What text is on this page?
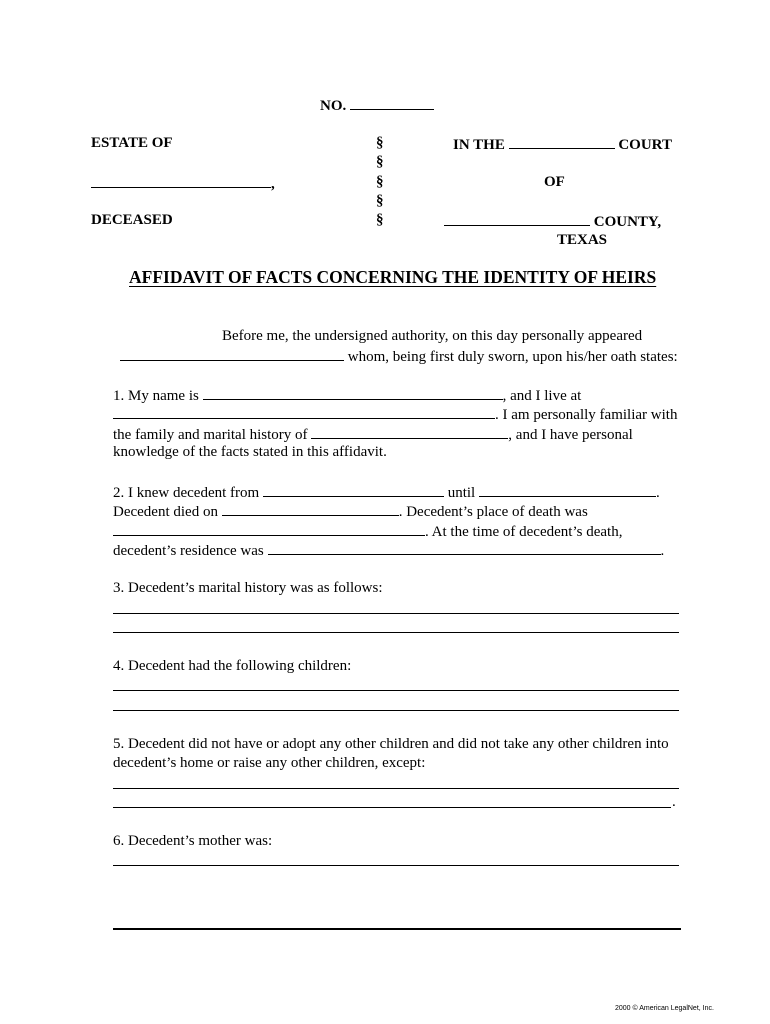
NO.
ESTATE OF
,
DECEASED
§
§
§
§
§
IN THE	COURT
OF
COUNTY,
TEXAS
AFFIDAVIT OF FACTS CONCERNING THE IDENTITY OF HEIRS
Before me, the undersigned authority, on this day personally appeared
whom, being first duly sworn, upon his/her oath states:
1. My name is	, and I live at
. I am personally familiar with
the family and marital history of	, and I have personal
knowledge of the facts stated in this affidavit.
2. I knew decedent from	until	.
Decedent died on	. Decedent’s place of death was
. At the time of decedent’s death,
decedent’s residence was	.
3. Decedent’s marital history was as follows:
4. Decedent had the following children:
5. Decedent did not have or adopt any other children and did not take any other children into
decedent’s home or raise any other children, except:
.
6. Decedent’s mother was:
2000 © American LegalNet, Inc.
